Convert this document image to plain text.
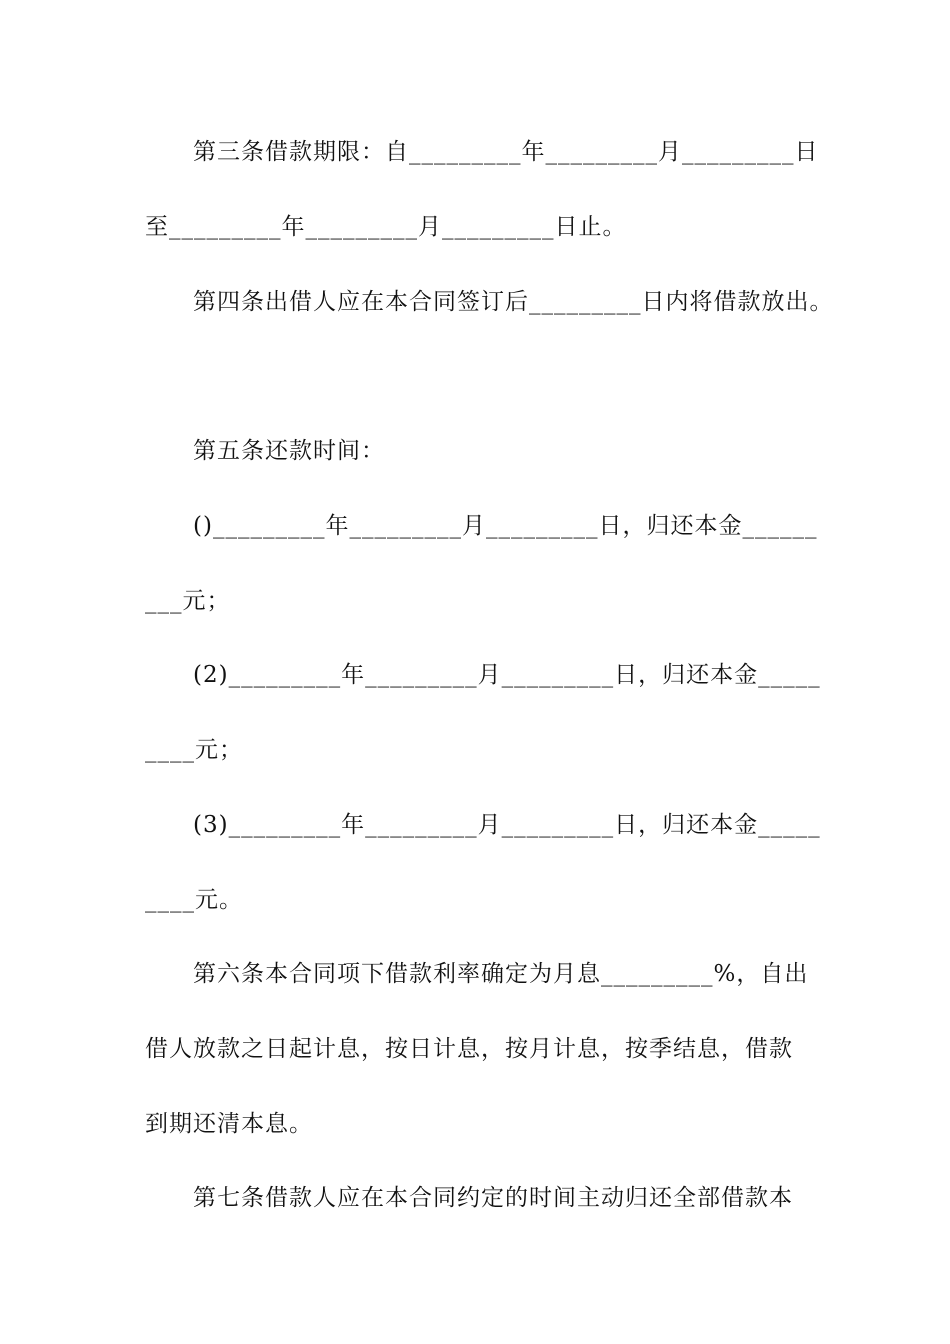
第三条借款期限：自_________年_________月_________日
至_________年_________月_________日止。
第四条出借人应在本合同签订后_________日内将借款放出。
第五条还款时间：
()_________年_________月_________日，归还本金______
___元；
(2)_________年_________月_________日，归还本金_____
____元；
(3)_________年_________月_________日，归还本金_____
____元。
第六条本合同项下借款利率确定为月息_________%，自出
借人放款之日起计息，按日计息，按月计息，按季结息，借款
到期还清本息。
第七条借款人应在本合同约定的时间主动归还全部借款本
